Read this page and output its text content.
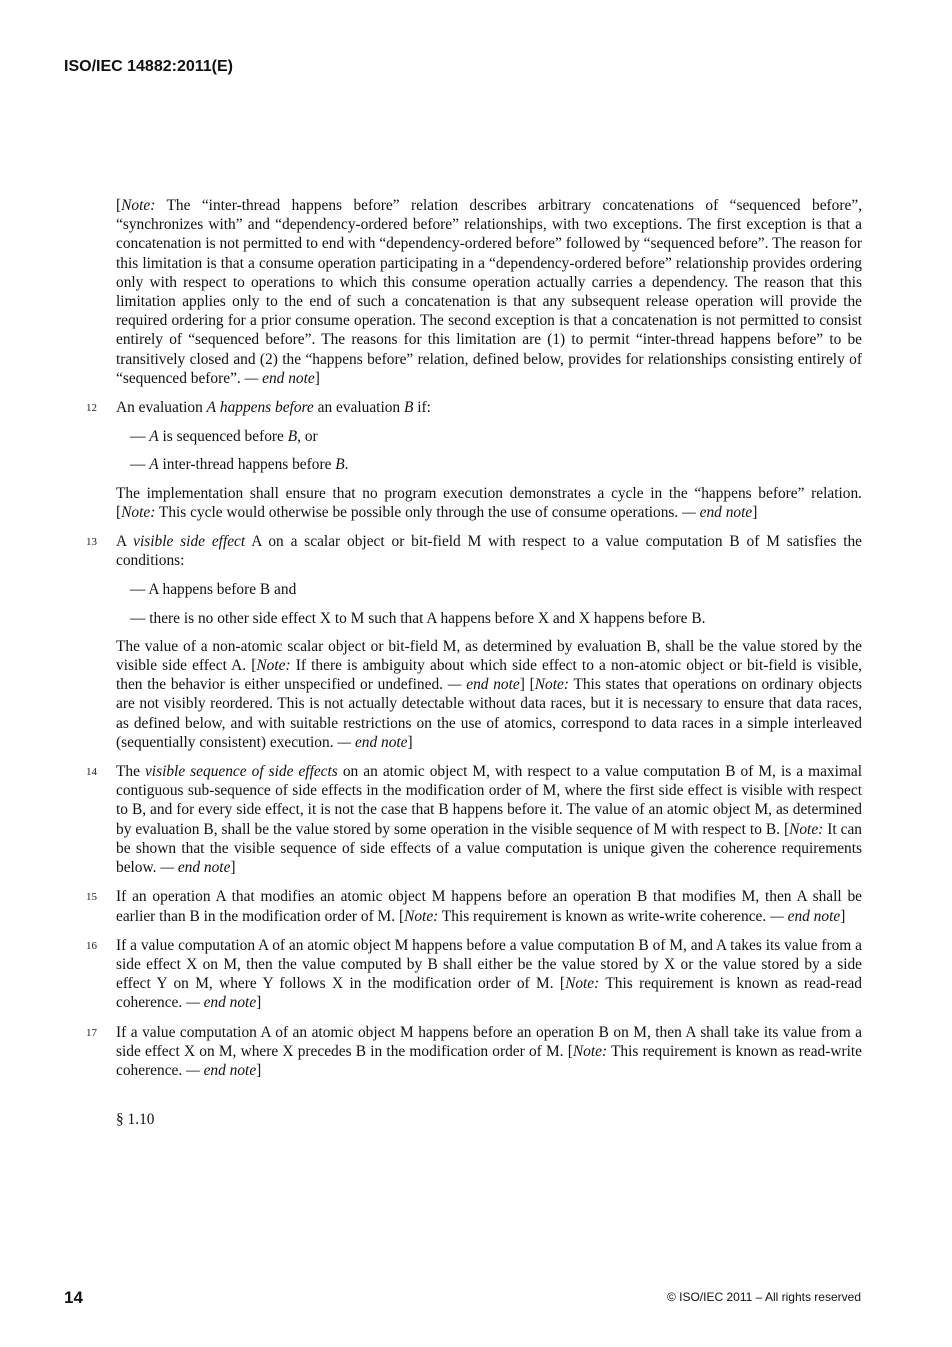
ISO/IEC 14882:2011(E)

[Note: The “inter-thread happens before” relation describes arbitrary concatenations of “sequenced before”, “synchronizes with” and “dependency-ordered before” relationships, with two exceptions. The first exception is that a concatenation is not permitted to end with “dependency-ordered before” followed by “sequenced before”. The reason for this limitation is that a consume operation participating in a “dependency-ordered before” relationship provides ordering only with respect to operations to which this consume operation actually carries a dependency. The reason that this limitation applies only to the end of such a concatenation is that any subsequent release operation will provide the required ordering for a prior consume operation. The second exception is that a concatenation is not permitted to consist entirely of “sequenced before”. The reasons for this limitation are (1) to permit “inter-thread happens before” to be transitively closed and (2) the “happens before” relation, defined below, provides for relationships consisting entirely of “sequenced before”. — end note]

12 An evaluation A happens before an evaluation B if:
— A is sequenced before B, or
— A inter-thread happens before B.

The implementation shall ensure that no program execution demonstrates a cycle in the “happens before” relation. [Note: This cycle would otherwise be possible only through the use of consume operations. — end note]

13 A visible side effect A on a scalar object or bit-field M with respect to a value computation B of M satisfies the conditions:
— A happens before B and
— there is no other side effect X to M such that A happens before X and X happens before B.

The value of a non-atomic scalar object or bit-field M, as determined by evaluation B, shall be the value stored by the visible side effect A. [Note: If there is ambiguity about which side effect to a non-atomic object or bit-field is visible, then the behavior is either unspecified or undefined. — end note] [Note: This states that operations on ordinary objects are not visibly reordered. This is not actually detectable without data races, but it is necessary to ensure that data races, as defined below, and with suitable restrictions on the use of atomics, correspond to data races in a simple interleaved (sequentially consistent) execution. — end note]

14 The visible sequence of side effects on an atomic object M, with respect to a value computation B of M, is a maximal contiguous sub-sequence of side effects in the modification order of M, where the first side effect is visible with respect to B, and for every side effect, it is not the case that B happens before it. The value of an atomic object M, as determined by evaluation B, shall be the value stored by some operation in the visible sequence of M with respect to B. [Note: It can be shown that the visible sequence of side effects of a value computation is unique given the coherence requirements below. — end note]
15 If an operation A that modifies an atomic object M happens before an operation B that modifies M, then A shall be earlier than B in the modification order of M. [Note: This requirement is known as write-write coherence. — end note]
16 If a value computation A of an atomic object M happens before a value computation B of M, and A takes its value from a side effect X on M, then the value computed by B shall either be the value stored by X or the value stored by a side effect Y on M, where Y follows X in the modification order of M. [Note: This requirement is known as read-read coherence. — end note]
17 If a value computation A of an atomic object M happens before an operation B on M, then A shall take its value from a side effect X on M, where X precedes B in the modification order of M. [Note: This requirement is known as read-write coherence. — end note]
§ 1.10
14	© ISO/IEC 2011 – All rights reserved
